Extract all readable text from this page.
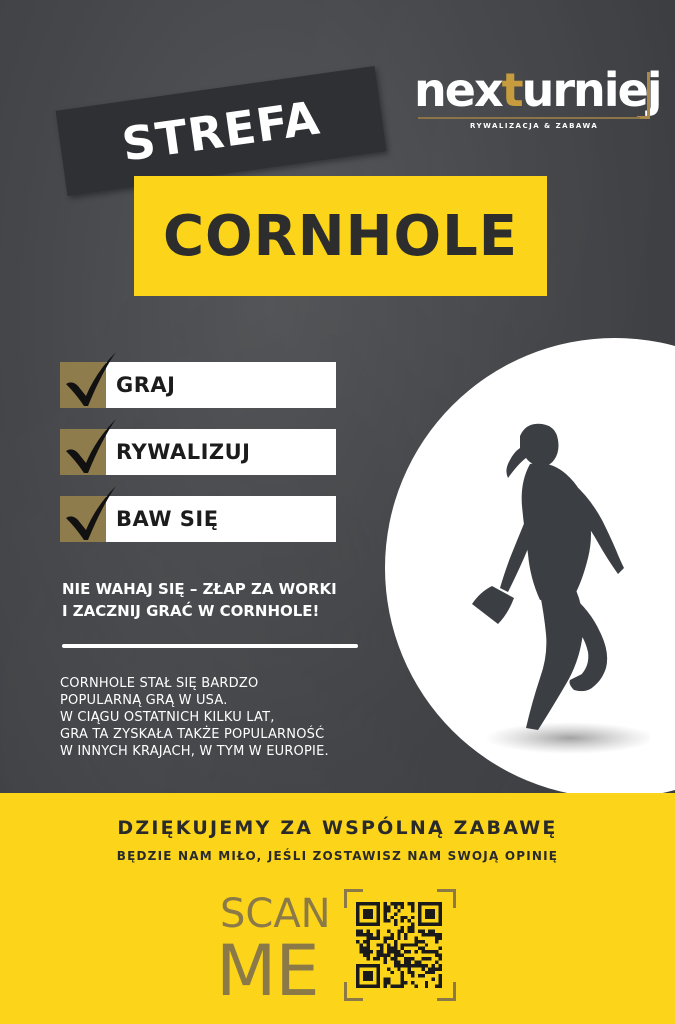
nexturniej
RYWALIZACJA & ZABAWA
STREFA
CORNHOLE
GRAJ
RYWALIZUJ
BAW SIĘ
NIE WAHAJ SIĘ – ZŁAP ZA WORKI
I ZACZNIJ GRAĆ W CORNHOLE!
CORNHOLE STAŁ SIĘ BARDZO
POPULARNĄ GRĄ W USA.
W CIĄGU OSTATNICH KILKU LAT,
GRA TA ZYSKAŁA TAKŻE POPULARNOŚĆ
W INNYCH KRAJACH, W TYM W EUROPIE.
DZIĘKUJEMY ZA WSPÓLNĄ ZABAWĘ
BĘDZIE NAM MIŁO, JEŚLI ZOSTAWISZ NAM SWOJĄ OPINIĘ
SCAN
ME
